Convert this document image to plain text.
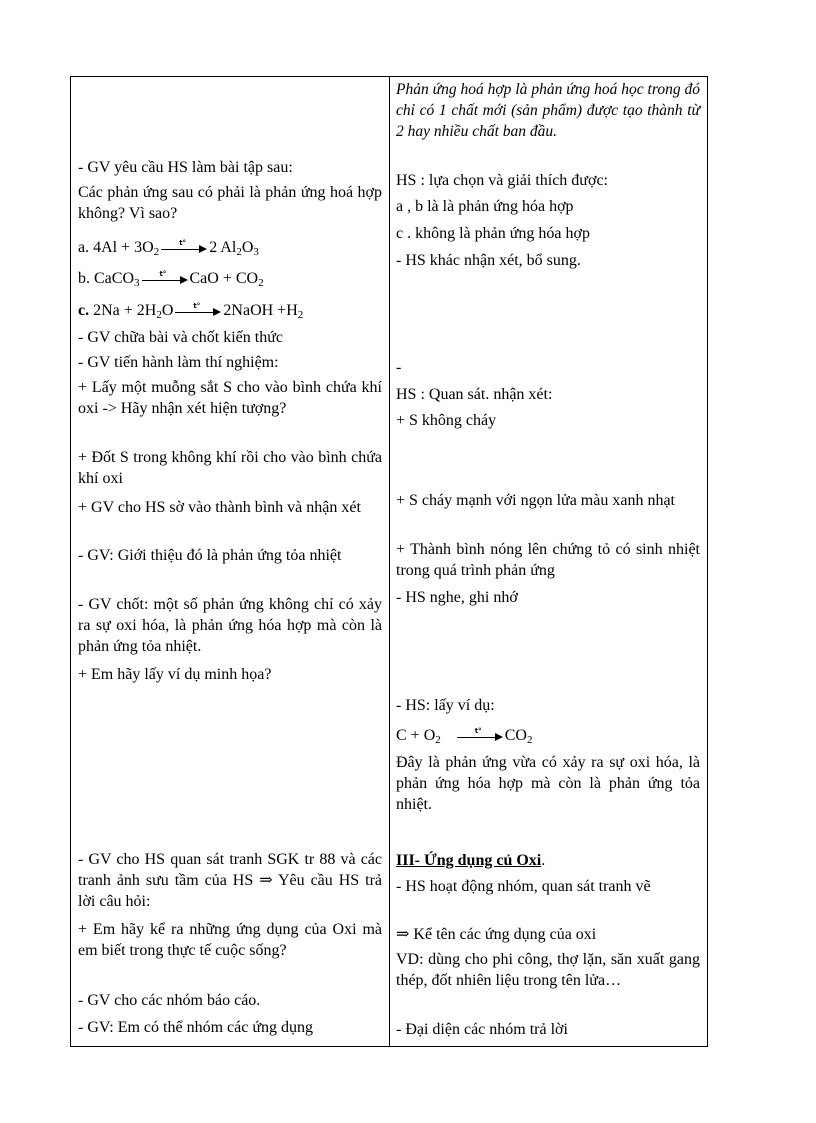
- GV yêu cầu HS làm bài tập sau:
Các phản ứng sau có phải là phản ứng hoá hợp không? Vì sao?
a. $4Al + 3O_2$
t° 2 $Al_2O_3$
b. CaCO$_3$
t° CaO + $CO_2$
c. $2Na + 2H_2O$	t° 2NaOH $+H_2$
- GV chữa bài và chốt kiến thức
- GV tiến hành làm thí nghiệm:
+ Lấy một muỗng sắt S cho vào bình chứa khí oxi -> Hãy nhận xét hiện tượng?
+ Đốt S trong không khí rồi cho vào bình chứa khí oxi
+ GV cho HS sờ vào thành bình và nhận xét
- GV: Giới thiệu đó là phản ứng tỏa nhiệt
- GV chốt: một số phản ứng không chỉ có xảy ra sự oxi hóa, là phản ứng hóa hợp mà còn là phản ứng tỏa nhiệt.
+ Em hãy lấy ví dụ minh họa?
- GV cho HS quan sát tranh SGK tr 88 và các tranh ảnh sưu tầm của HS ⇒ Yêu cầu HS trả lời câu hỏi:
+ Em hãy kể ra những ứng dụng của Oxi mà em biết trong thực tế cuộc sống?
- GV cho các nhóm báo cáo.
- GV: Em có thể nhóm các ứng dụng
Phản ứng hoá hợp là phản ứng hoá học trong đó chỉ có 1 chất mới (sản phẩm) được tạo thành từ 2 hay nhiều chất ban đầu.
HS : lựa chọn và giải thích được:
a , b là là phản ứng hóa hợp
c . không là phản ứng hóa hợp
- HS khác nhận xét, bổ sung.
-
HS : Quan sát. nhận xét:
+ S không cháy
+ S cháy mạnh với ngọn lửa màu xanh nhạt
+ Thành bình nóng lên chứng tỏ có sinh nhiệt trong quá trình phản ứng
- HS nghe, ghi nhớ
- HS: lấy ví dụ:
$C + O_2$
t° $CO_2$
Đây là phản ứng vừa có xảy ra sự oxi hóa, là phản ứng hóa hợp mà còn là phản ứng tỏa nhiệt.
III- Ứng dụng củ Oxi.
- HS hoạt động nhóm, quan sát tranh vẽ
⇒ Kể tên các ứng dụng của oxi
VD: dùng cho phi công, thợ lặn, săn xuất gang thép, đốt nhiên liệu trong tên lửa…
- Đại diện các nhóm trả lời
